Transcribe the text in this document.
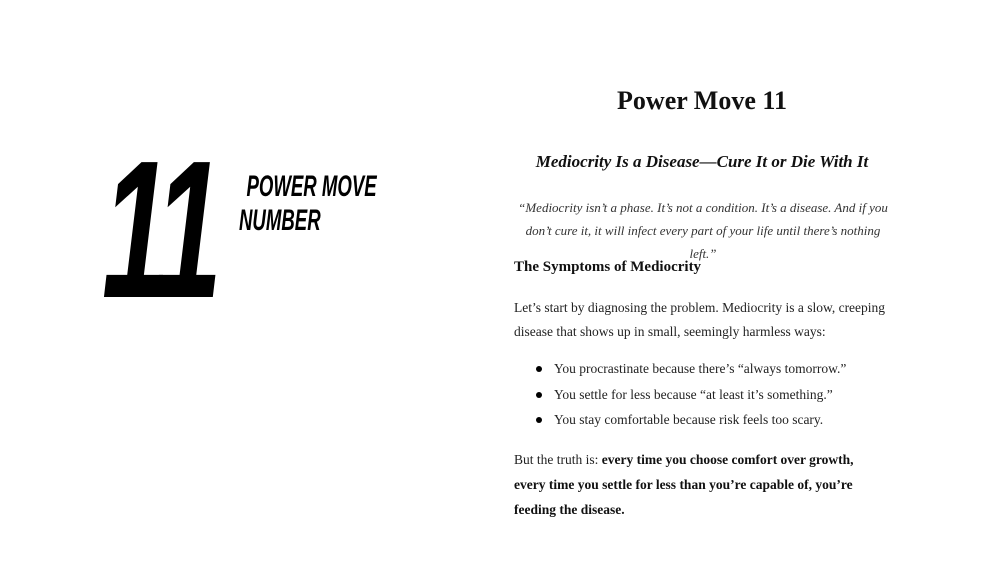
11 POWER MOVE
NUMBER
Power Move 11
Mediocrity Is a Disease—Cure It or Die With It

“Mediocrity isn’t a phase. It’s not a condition. It’s a disease. And if you don’t cure it, it will infect every part of your life until there’s nothing left.”

The Symptoms of Mediocrity

Let’s start by diagnosing the problem. Mediocrity is a slow, creeping disease that shows up in small, seemingly harmless ways:

You procrastinate because there’s “always tomorrow.”
You settle for less because “at least it’s something.”
You stay comfortable because risk feels too scary.

But the truth is: every time you choose comfort over growth, every time you settle for less than you’re capable of, you’re feeding the disease.
